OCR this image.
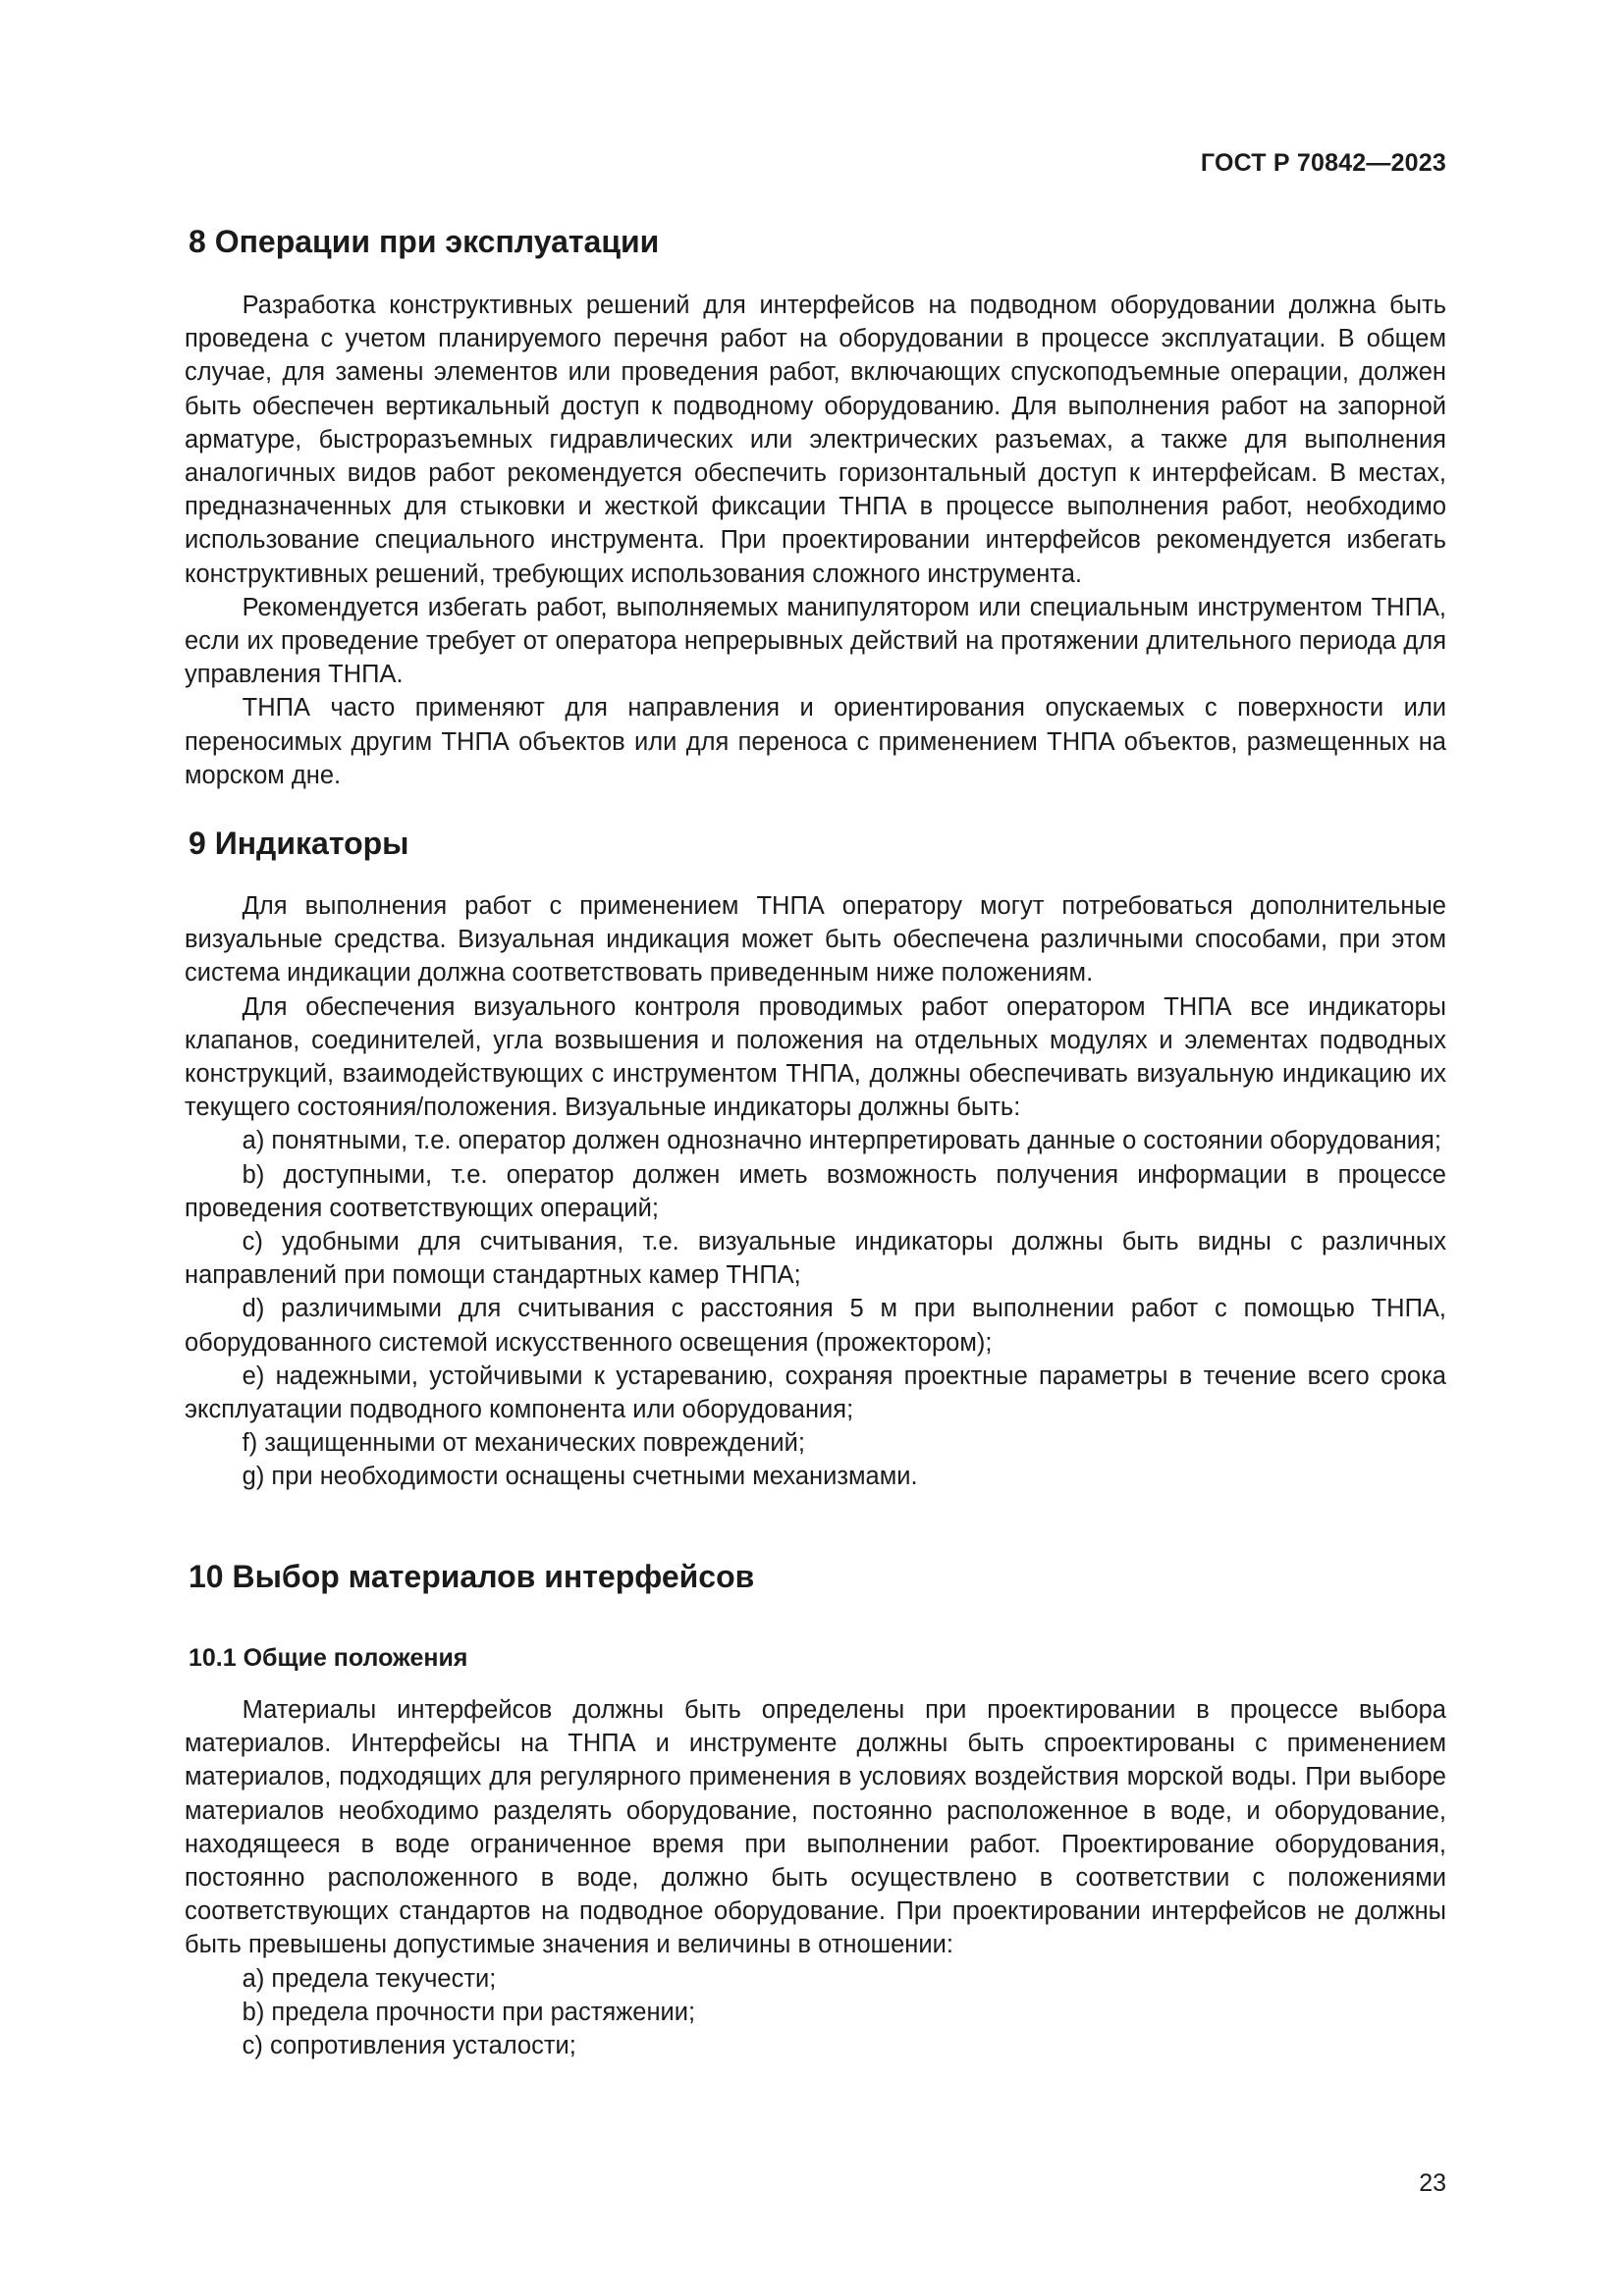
ГОСТ Р 70842—2023
8 Операции при эксплуатации

Разработка конструктивных решений для интерфейсов на подводном оборудовании должна быть проведена с учетом планируемого перечня работ на оборудовании в процессе эксплуатации. В общем случае, для замены элементов или проведения работ, включающих спускоподъемные операции, должен быть обеспечен вертикальный доступ к подводному оборудованию. Для выполнения работ на запорной арматуре, быстроразъемных гидравлических или электрических разъемах, а также для выполнения аналогичных видов работ рекомендуется обеспечить горизонтальный доступ к интерфейсам. В местах, предназначенных для стыковки и жесткой фиксации ТНПА в процессе выполнения работ, необходимо использование специального инструмента. При проектировании интерфейсов рекомендуется избегать конструктивных решений, требующих использования сложного инструмента.

Рекомендуется избегать работ, выполняемых манипулятором или специальным инструментом ТНПА, если их проведение требует от оператора непрерывных действий на протяжении длительного периода для управления ТНПА.

ТНПА часто применяют для направления и ориентирования опускаемых с поверхности или переносимых другим ТНПА объектов или для переноса с применением ТНПА объектов, размещенных на морском дне.

9 Индикаторы

Для выполнения работ с применением ТНПА оператору могут потребоваться дополнительные визуальные средства. Визуальная индикация может быть обеспечена различными способами, при этом система индикации должна соответствовать приведенным ниже положениям.

Для обеспечения визуального контроля проводимых работ оператором ТНПА все индикаторы клапанов, соединителей, угла возвышения и положения на отдельных модулях и элементах подводных конструкций, взаимодействующих с инструментом ТНПА, должны обеспечивать визуальную индикацию их текущего состояния/положения. Визуальные индикаторы должны быть:

a) понятными, т.е. оператор должен однозначно интерпретировать данные о состоянии оборудования;

b) доступными, т.е. оператор должен иметь возможность получения информации в процессе проведения соответствующих операций;

c) удобными для считывания, т.е. визуальные индикаторы должны быть видны с различных направлений при помощи стандартных камер ТНПА;

d) различимыми для считывания с расстояния 5 м при выполнении работ с помощью ТНПА, оборудованного системой искусственного освещения (прожектором);

e) надежными, устойчивыми к устареванию, сохраняя проектные параметры в течение всего срока эксплуатации подводного компонента или оборудования;

f) защищенными от механических повреждений;

g) при необходимости оснащены счетными механизмами.

10 Выбор материалов интерфейсов
10.1 Общие положения

Материалы интерфейсов должны быть определены при проектировании в процессе выбора материалов. Интерфейсы на ТНПА и инструменте должны быть спроектированы с применением материалов, подходящих для регулярного применения в условиях воздействия морской воды. При выборе материалов необходимо разделять оборудование, постоянно расположенное в воде, и оборудование, находящееся в воде ограниченное время при выполнении работ. Проектирование оборудования, постоянно расположенного в воде, должно быть осуществлено в соответствии с положениями соответствующих стандартов на подводное оборудование. При проектировании интерфейсов не должны быть превышены допустимые значения и величины в отношении:

a) предела текучести;

b) предела прочности при растяжении;

c) сопротивления усталости;

23
